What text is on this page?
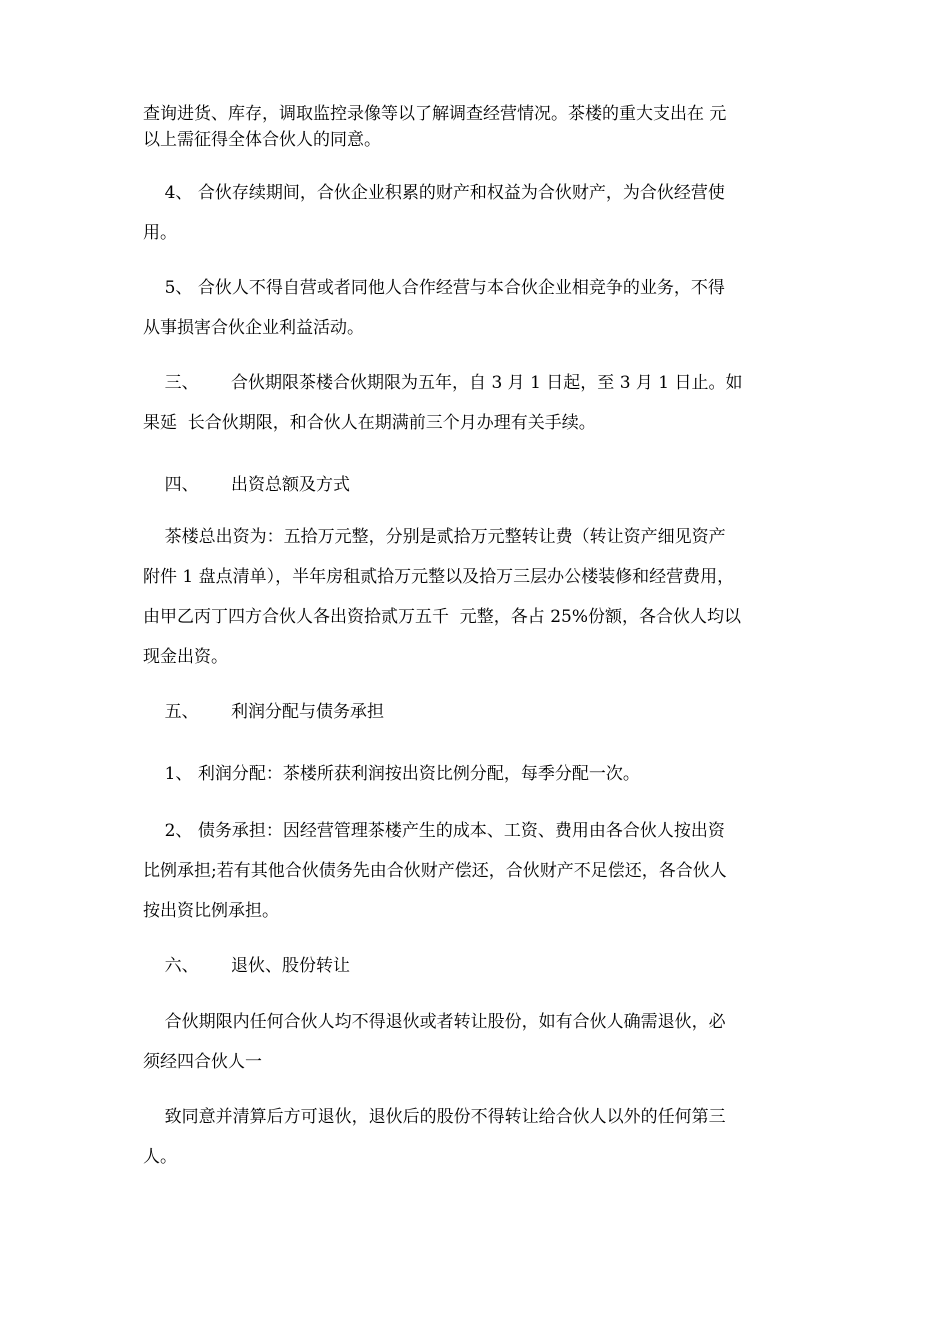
查询进货、库存，调取监控录像等以了解调查经营情况。茶楼的重大支出在 元
以上需征得全体合伙人的同意。
4、 合伙存续期间，合伙企业积累的财产和权益为合伙财产，为合伙经营使
用。
5、 合伙人不得自营或者同他人合作经营与本合伙企业相竞争的业务，不得
从事损害合伙企业利益活动。
三、      合伙期限茶楼合伙期限为五年，自 3 月 1 日起，至 3 月 1 日止。如
果延  长合伙期限，和合伙人在期满前三个月办理有关手续。
四、      出资总额及方式
茶楼总出资为：五拾万元整，分别是贰拾万元整转让费（转让资产细见资产
附件 1 盘点清单），半年房租贰拾万元整以及拾万三层办公楼装修和经营费用，
由甲乙丙丁四方合伙人各出资拾贰万五千  元整，各占 25%份额，各合伙人均以
现金出资。
五、      利润分配与债务承担
1、 利润分配：茶楼所获利润按出资比例分配，每季分配一次。
2、 债务承担：因经营管理茶楼产生的成本、工资、费用由各合伙人按出资
比例承担;若有其他合伙债务先由合伙财产偿还，合伙财产不足偿还，各合伙人
按出资比例承担。
六、      退伙、股份转让
合伙期限内任何合伙人均不得退伙或者转让股份，如有合伙人确需退伙，必
须经四合伙人一
致同意并清算后方可退伙，退伙后的股份不得转让给合伙人以外的任何第三
人。
